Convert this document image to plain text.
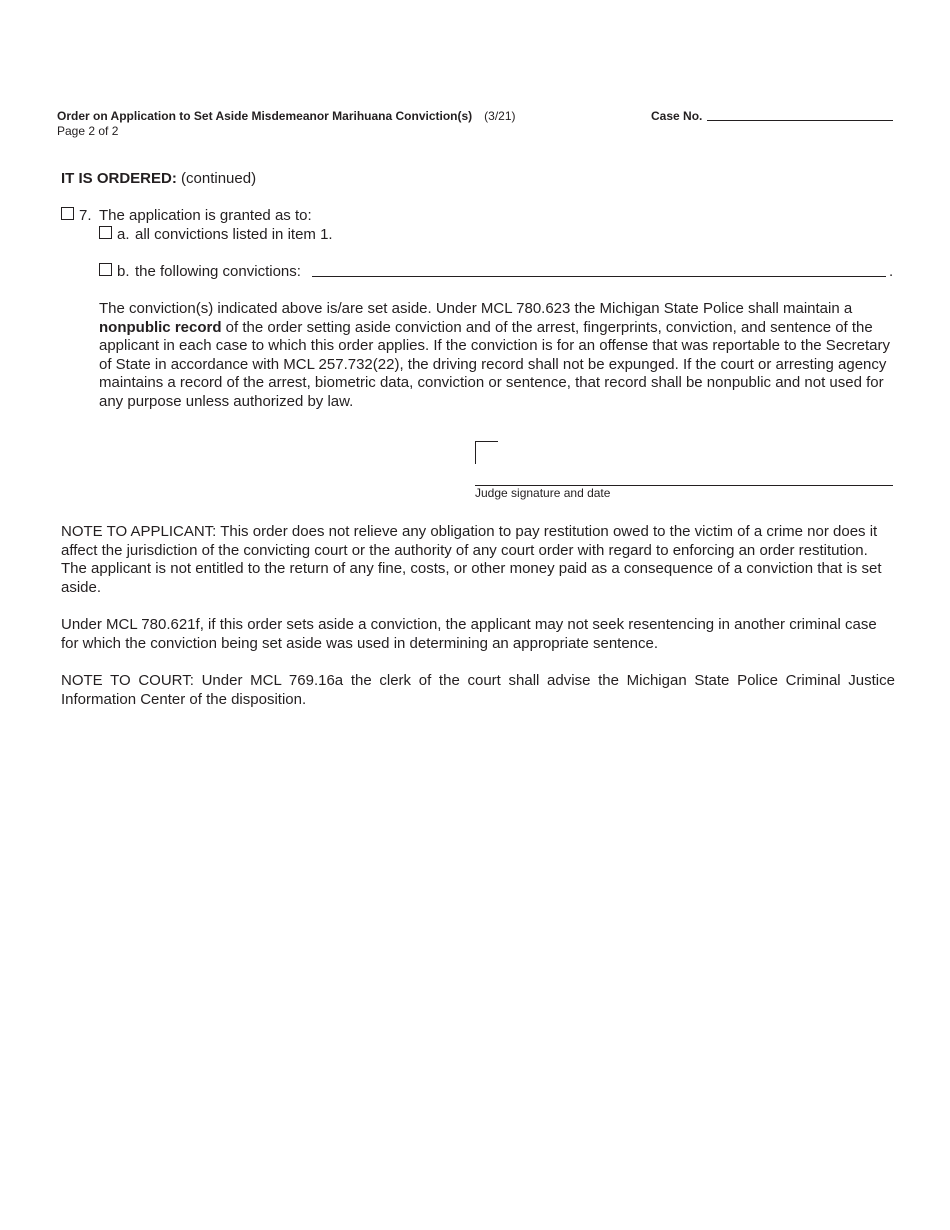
Order on Application to Set Aside Misdemeanor Marihuana Conviction(s) (3/21)
Page 2 of 2
Case No.
IT IS ORDERED: (continued)
7. The application is granted as to:
a. all convictions listed in item 1.
b. the following convictions:	.
The conviction(s) indicated above is/are set aside. Under MCL 780.623 the Michigan State Police shall maintain a nonpublic record of the order setting aside conviction and of the arrest, fingerprints, conviction, and sentence of the applicant in each case to which this order applies. If the conviction is for an offense that was reportable to the Secretary of State in accordance with MCL 257.732(22), the driving record shall not be expunged. If the court or arresting agency maintains a record of the arrest, biometric data, conviction or sentence, that record shall be nonpublic and not used for any purpose unless authorized by law.
Judge signature and date
NOTE TO APPLICANT: This order does not relieve any obligation to pay restitution owed to the victim of a crime nor does it affect the jurisdiction of the convicting court or the authority of any court order with regard to enforcing an order restitution. The applicant is not entitled to the return of any fine, costs, or other money paid as a consequence of a conviction that is set aside.
Under MCL 780.621f, if this order sets aside a conviction, the applicant may not seek resentencing in another criminal case for which the conviction being set aside was used in determining an appropriate sentence.
NOTE TO COURT: Under MCL 769.16a the clerk of the court shall advise the Michigan State Police Criminal Justice Information Center of the disposition.
